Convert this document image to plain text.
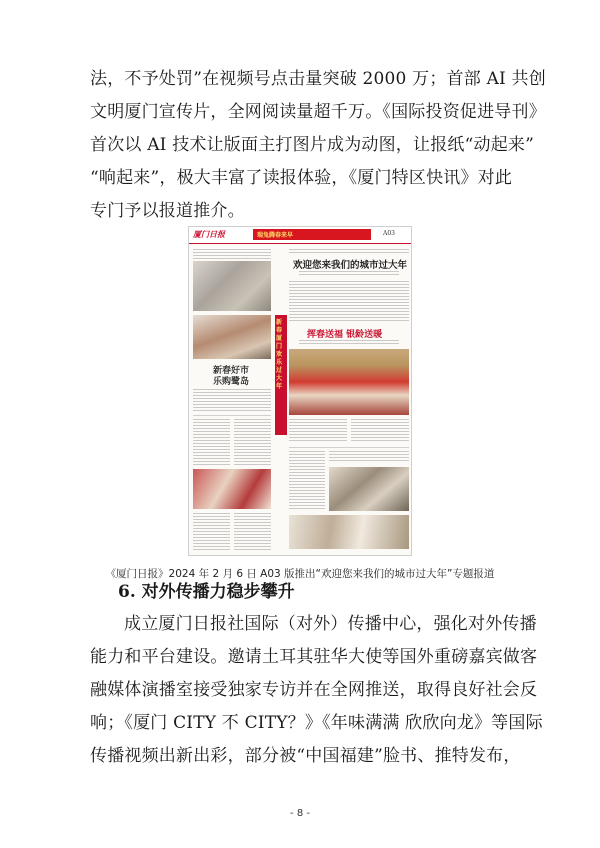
法，不予处罚”在视频号点击量突破 2000 万；首部 AI 共创
文明厦门宣传片，全网阅读量超千万。《国际投资促进导刊》
首次以 AI 技术让版面主打图片成为动图，让报纸“动起来”
“响起来”，极大丰富了读报体验，《厦门特区快讯》对此
专门予以报道推介。
厦门日报	瑞兔腾春来早	A03
新春好市
乐购鹭岛
新春厦门欢乐过大年
欢迎您来我们的城市过大年
挥春送福 银龄送暖
《厦门日报》2024 年 2 月 6 日 A03 版推出“欢迎您来我们的城市过大年”专题报道
6. 对外传播力稳步攀升
成立厦门日报社国际（对外）传播中心，强化对外传播
能力和平台建设。邀请土耳其驻华大使等国外重磅嘉宾做客
融媒体演播室接受独家专访并在全网推送，取得良好社会反
响；《厦门 CITY 不 CITY？》《年味满满 欣欣向龙》等国际
传播视频出新出彩，部分被“中国福建”脸书、推特发布，
- 8 -
